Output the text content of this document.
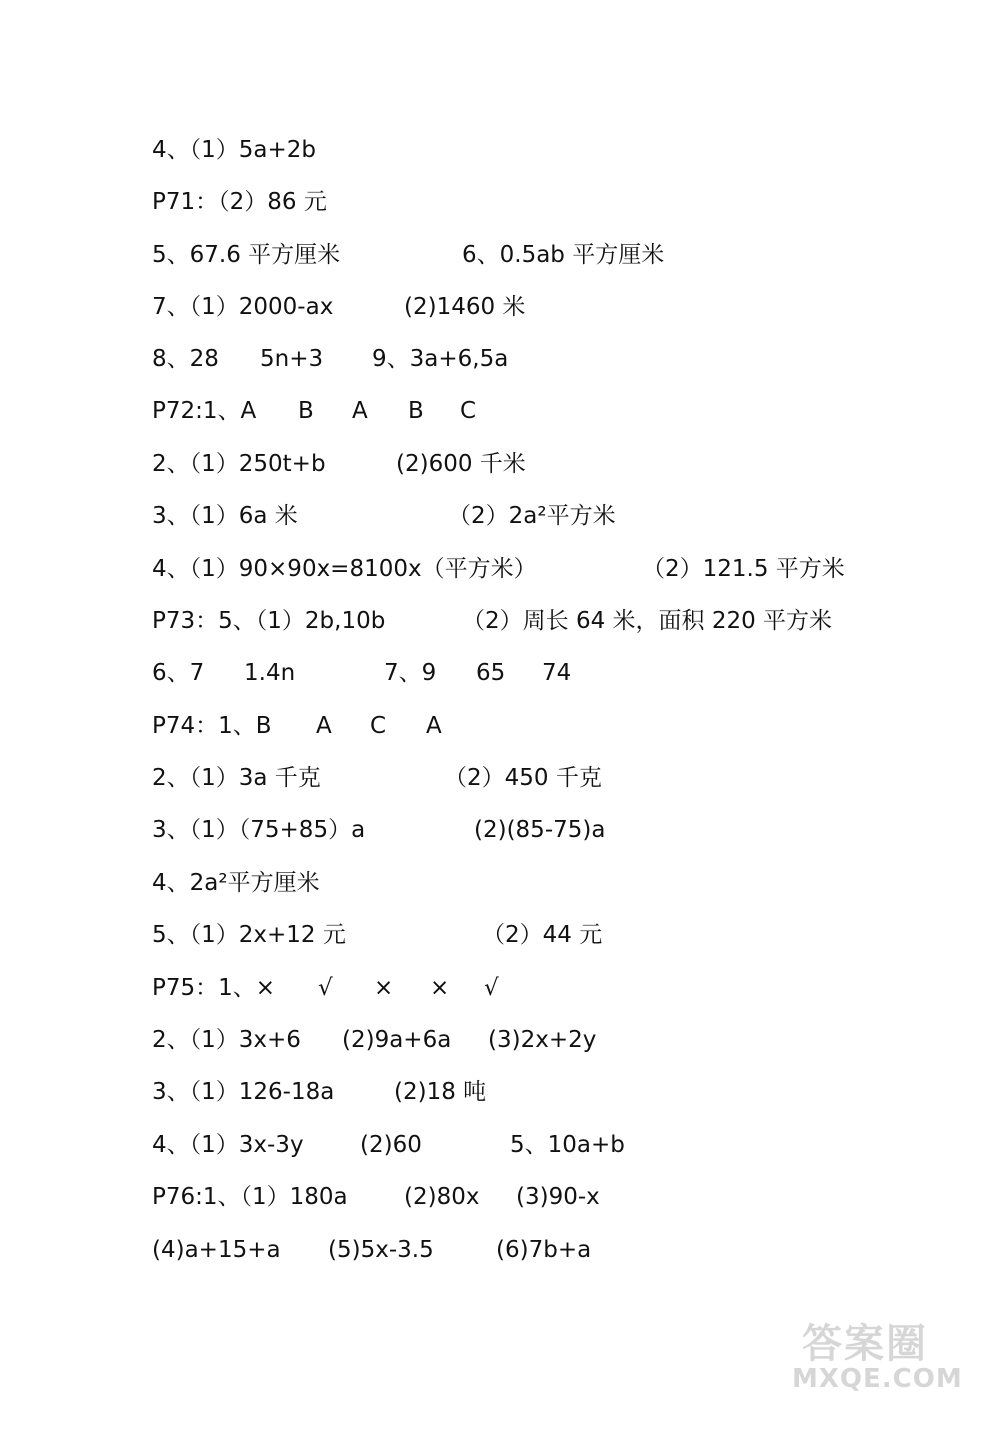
4、（1）5a+2b

P71：（2）86 元

5、67.6 平方厘米

	6、0.5ab 平方厘米

7、（1）2000-ax

	(2)1460 米

8、28

5n+3

9、3a+6,5a

P72:1、A

B

A

B

C

2、（1）250t+b

	(2)600 千米

3、（1）6a 米

	（2）2a²平方米

4、（1）90×90x=8100x（平方米）

	（2）121.5 平方米

P73：5、（1）2b,10b

	（2）周长 64 米，面积 220 平方米

6、7

1.4n

	7、9

65

74

P74：1、B

A

C

A

2、（1）3a 千克

	（2）450 千克

3、（1）（75+85）a

	(2)(85-75)a

4、2a²平方厘米

5、（1）2x+12 元

	（2）44 元

P75：1、×

√

×

×

√

2、（1）3x+6

(2)9a+6a

(3)2x+2y

3、（1）126-18a

	(2)18 吨

4、（1）3x-3y

(2)60

	5、10a+b

P76:1、（1）180a

(2)80x

(3)90-x

(4)a+15+a

(5)5x-3.5

	(6)7b+a

答案圈
MXQE.COM
